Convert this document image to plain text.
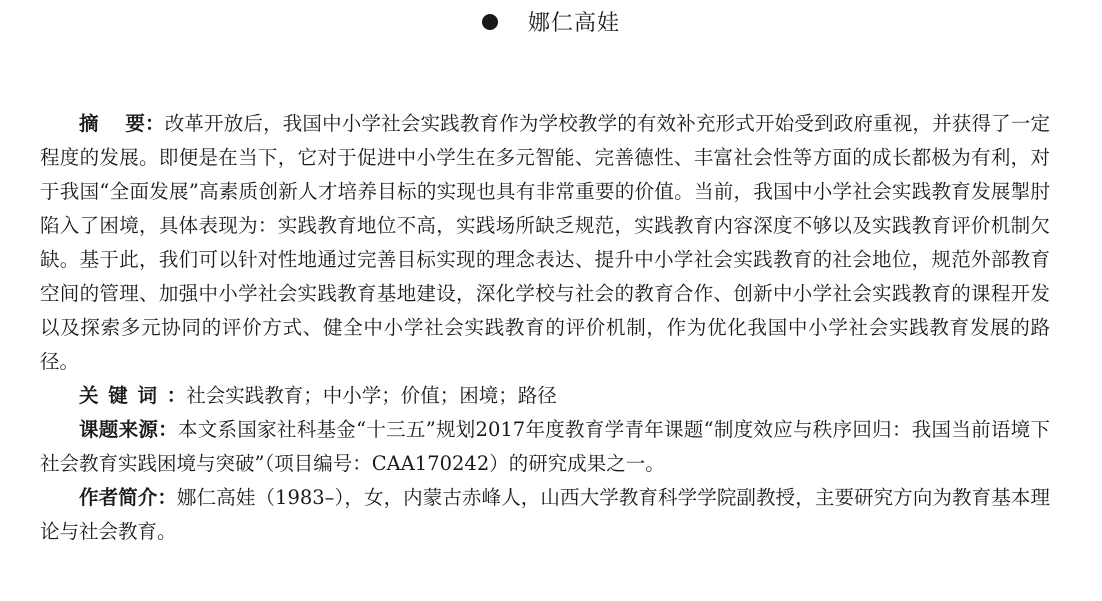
娜仁高娃

摘　 要：改革开放后，我国中小学社会实践教育作为学校教学的有效补充形式开始受到政府重视，并获得了一定程度的发展。即便是在当下，它对于促进中小学生在多元智能、完善德性、丰富社会性等方面的成长都极为有利，对于我国“全面发展”高素质创新人才培养目标的实现也具有非常重要的价值。当前，我国中小学社会实践教育发展掣肘陷入了困境，具体表现为：实践教育地位不高，实践场所缺乏规范，实践教育内容深度不够以及实践教育评价机制欠缺。基于此，我们可以针对性地通过完善目标实现的理念表达、提升中小学社会实践教育的社会地位，规范外部教育空间的管理、加强中小学社会实践教育基地建设，深化学校与社会的教育合作、创新中小学社会实践教育的课程开发以及探索多元协同的评价方式、健全中小学社会实践教育的评价机制，作为优化我国中小学社会实践教育发展的路径。

关键词：社会实践教育；中小学；价值；困境；路径

课题来源：本文系国家社科基金“十三五”规划2017年度教育学青年课题“制度效应与秩序回归：我国当前语境下社会教育实践困境与突破”（项目编号：CAA170242）的研究成果之一。

作者简介：娜仁高娃（1983–），女，内蒙古赤峰人，山西大学教育科学学院副教授，主要研究方向为教育基本理论与社会教育。
